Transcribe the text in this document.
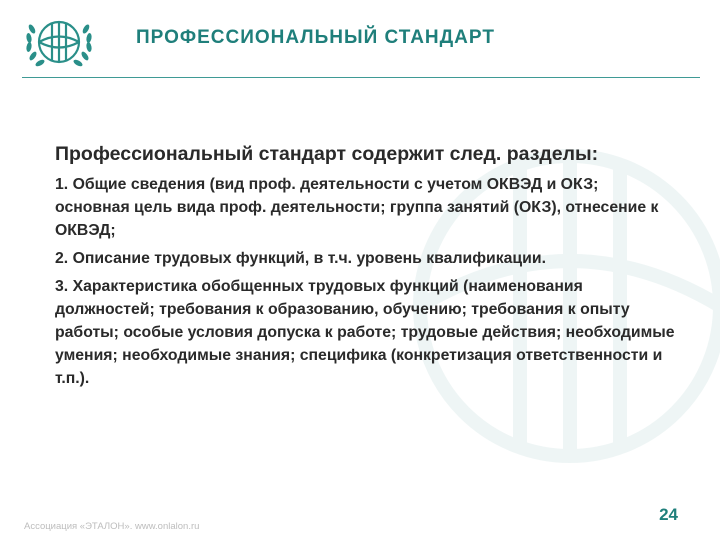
ПРОФЕССИОНАЛЬНЫЙ СТАНДАРТ
Профессиональный стандарт содержит след. разделы:
1. Общие сведения (вид проф. деятельности с учетом ОКВЭД и ОКЗ; основная цель вида проф. деятельности; группа занятий (ОКЗ), отнесение к ОКВЭД;
2. Описание трудовых функций, в т.ч. уровень квалификации.
3. Характеристика обобщенных трудовых функций (наименования должностей; требования к образованию, обучению; требования к опыту работы; особые условия допуска к работе; трудовые действия; необходимые умения; необходимые знания; специфика (конкретизация ответственности и т.п.).
Ассоциация «ЭТАЛОН». www.onlalon.ru
24
